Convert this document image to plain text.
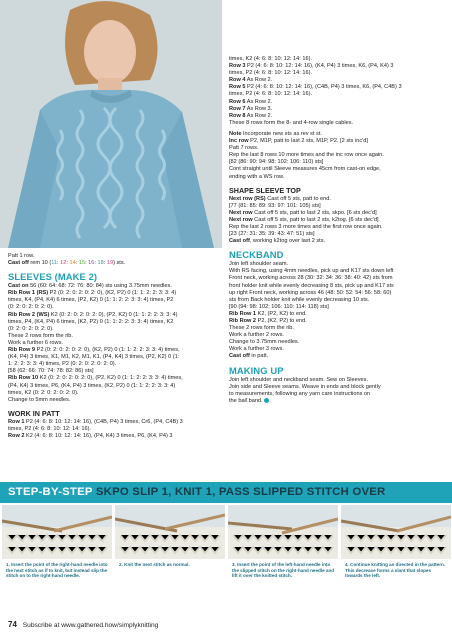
Patt 1 row.
Cast off rem 10 (11: 12: 14: 15: 16: 18: 19) sts.
SLEEVES (MAKE 2)
Cast on 56 (60: 64: 68: 72: 76: 80: 84) sts using 3.75mm needles.
Rib Row 1 (RS) P2 (0: 2: 0: 2: 0: 2: 0), (K2, P2) 0 (1: 1: 2: 2: 3: 3: 4)
times, K4, (P4, K4) 6 times, (P2, K2) 0 (1: 1: 2: 2: 3: 3: 4) times, P2
(0: 2: 0: 2: 0: 2: 0).
Rib Row 2 (WS) K2 (0: 2: 0: 2: 0: 2: 0), (P2, K2) 0 (1: 1: 2: 2: 3: 3: 4)
times, P4, (K4, P4) 6 times, (K2, P2) 0 (1: 1: 2: 2: 3: 3: 4) times, K2
(0: 2: 0: 2: 0: 2: 0).
These 2 rows form the rib.
Work a further 6 rows.
Rib Row 9 P2 (0: 2: 0: 2: 0: 2: 0), (K2, P2) 0 (1: 1: 2: 2: 3: 3: 4) times,
(K4, P4) 3 times, K1, M1, K2, M1, K1, (P4, K4) 3 times, (P2, K2) 0 (1:
1: 2: 2: 3: 3: 4) times, P2 (0: 2: 0: 2: 0: 2: 0).
[58 (62: 66: 70: 74: 78: 82: 86) sts]
Rib Row 10 K2 (0: 2: 0: 2: 0: 2: 0), (P2, K2) 0 (1: 1: 2: 2: 3: 3: 4) times,
(P4, K4) 3 times, P6, (K4, P4) 3 times, (K2, P2) 0 (1: 1: 2: 2: 3: 3: 4)
times, K2 (0: 2: 0: 2: 0: 2: 0).
Change to 5mm needles.
WORK IN PATT
Row 1 P2 (4: 6: 8: 10: 12: 14: 16), (C4B, P4) 3 times, Cr6, (P4, C4B) 3
times, P2 (4: 6: 8: 10: 12: 14: 16).
Row 2 K2 (4: 6: 8: 10: 12: 14: 16), (P4, K4) 3 times, P6, (K4, P4) 3
times, K2 (4: 6: 8: 10: 12: 14: 16).
Row 3 P2 (4: 6: 8: 10: 12: 14: 16), (K4, P4) 3 times, K6, (P4, K4) 3
times, P2 (4: 6: 8: 10: 12: 14: 16).
Row 4 As Row 2.
Row 5 P2 (4: 6: 8: 10: 12: 14: 16), (C4B, P4) 3 times, K6, (P4, C4B) 3
times, P2 (4: 6: 8: 10: 12: 14: 16).
Row 6 As Row 2.
Row 7 As Row 3.
Row 8 As Row 2.
These 8 rows form the 8- and 4-row single cables.
Note Incorporate new sts as rev st st.
Inc row P2, M1P, patt to last 2 sts, M1P, P2. [2 sts inc'd]
Patt 7 rows.
Rep the last 8 rows 10 more times and the inc row once again.
[82 (86: 90: 94: 98: 102: 106: 110) sts]
Cont straight until Sleeve measures 45cm from cast-on edge,
ending with a WS row.
SHAPE SLEEVE TOP
Next row (RS) Cast off 5 sts, patt to end.
[77 (81: 85: 89: 93: 97: 101: 105) sts]
Next row Cast off 5 sts, patt to last 2 sts, skpo. [6 sts dec'd]
Next row Cast off 5 sts, patt to last 2 sts, k2tog. [6 sts dec'd]
Rep the last 2 rows 3 more times and the first row once again.
[23 (27: 31: 35: 39: 43: 47: 51) sts]
Cast off, working k2tog over last 2 sts.
NECKBAND
Join left shoulder seam.
With RS facing, using 4mm needles, pick up and K17 sts down left
Front neck, working across 28 (30: 32: 34: 36: 38: 40: 42) sts from
front holder knit while evenly decreasing 8 sts, pick up and K17 sts
up right Front neck, working across 46 (48: 50: 52: 54: 56: 58: 60)
sts from Back holder knit while evenly decreasing 10 sts.
[90 (94: 98: 102: 106: 110: 114: 118) sts]
Rib Row 1 K2, (P2, K2) to end.
Rib Row 2 P2, (K2, P2) to end.
These 2 rows form the rib.
Work a further 2 rows.
Change to 3.75mm needles.
Work a further 3 rows.
Cast off in patt.
MAKING UP
Join left shoulder and neckband seam. Sew on Sleeves.
Join side and Sleeve seams. Weave in ends and block gently
to measurements, following any yarn care instructions on
the ball band.
STEP-BY-STEP SKPO SLIP 1, KNIT 1, PASS SLIPPED STITCH OVER
1. Insert the point of the right-hand needle into the next stitch as if to knit, but instead slip the stitch on to the right-hand needle.
2. Knit the next stitch as normal.	3. Insert the point of the left-hand needle into the slipped stitch on the right-hand needle and lift it over the knitted stitch.
4. Continue knitting as directed in the pattern. This decrease forms a slant that slopes towards the left.
74 Subscribe at www.gathered.how/simplyknitting
